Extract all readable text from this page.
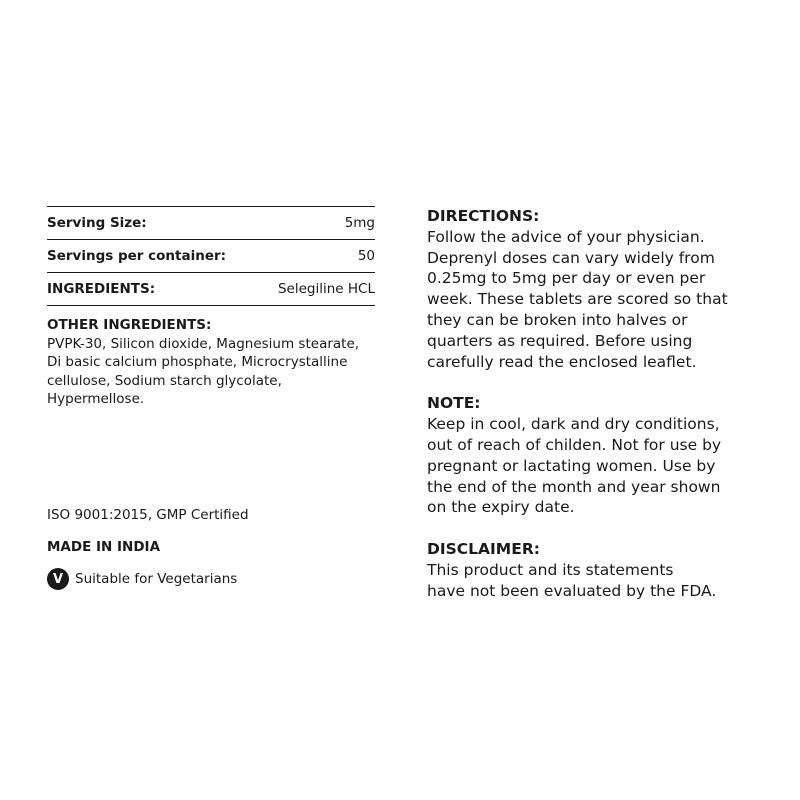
Serving Size:	5mg
Servings per container:	50
INGREDIENTS:	Selegiline HCL
OTHER INGREDIENTS:
PVPK-30, Silicon dioxide, Magnesium stearate, Di basic calcium phosphate, Microcrystalline cellulose, Sodium starch glycolate, Hypermellose.
ISO 9001:2015, GMP Certified
MADE IN INDIA
V Suitable for Vegetarians
DIRECTIONS:
Follow the advice of your physician.
Deprenyl doses can vary widely from
0.25mg to 5mg per day or even per
week. These tablets are scored so that
they can be broken into halves or
quarters as required. Before using
carefully read the enclosed leaflet.
NOTE:
Keep in cool, dark and dry conditions,
out of reach of childen. Not for use by
pregnant or lactating women. Use by
the end of the month and year shown
on the expiry date.
DISCLAIMER:
This product and its statements
have not been evaluated by the FDA.
